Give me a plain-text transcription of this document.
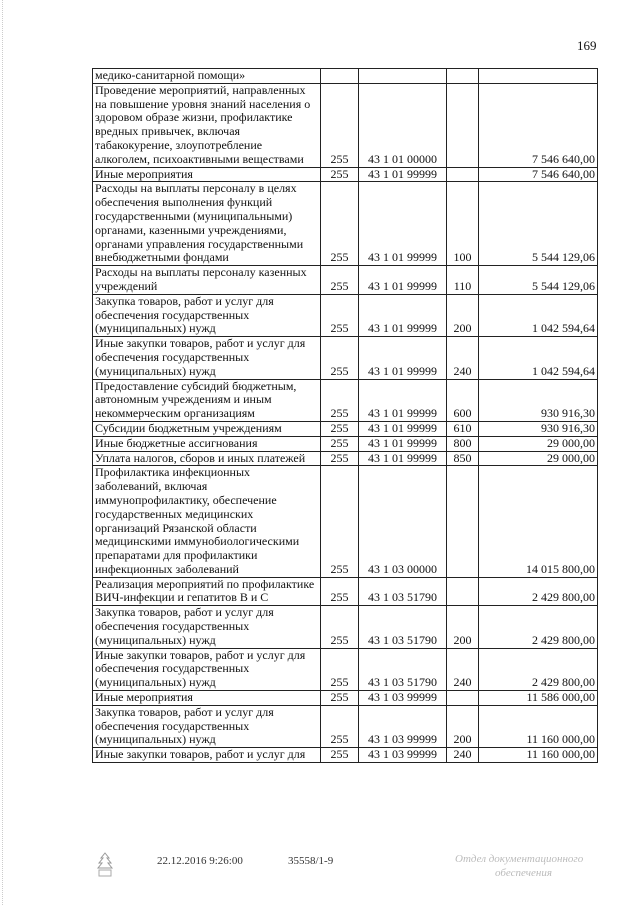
169
медико-санитарной помощи»				
Проведение мероприятий, направленных на повышение уровня знаний населения о здоровом образе жизни, профилактике вредных привычек, включая табакокурение, злоупотребление алкоголем, психоактивными веществами	255	43 1 01 00000		7 546 640,00
Иные мероприятия	255	43 1 01 99999		7 546 640,00
Расходы на выплаты персоналу в целях обеспечения выполнения функций государственными (муниципальными) органами, казенными учреждениями, органами управления государственными внебюджетными фондами	255	43 1 01 99999	100	5 544 129,06
Расходы на выплаты персоналу казенных учреждений	255	43 1 01 99999	110	5 544 129,06
Закупка товаров, работ и услуг для обеспечения государственных (муниципальных) нужд	255	43 1 01 99999	200	1 042 594,64
Иные закупки товаров, работ и услуг для обеспечения государственных (муниципальных) нужд	255	43 1 01 99999	240	1 042 594,64
Предоставление субсидий бюджетным, автономным учреждениям и иным некоммерческим организациям	255	43 1 01 99999	600	930 916,30
Субсидии бюджетным учреждениям	255	43 1 01 99999	610	930 916,30
Иные бюджетные ассигнования	255	43 1 01 99999	800	29 000,00
Уплата налогов, сборов и иных платежей	255	43 1 01 99999	850	29 000,00
Профилактика инфекционных заболеваний, включая иммунопрофилактику, обеспечение государственных медицинских организаций Рязанской области медицинскими иммунобиологическими препаратами для профилактики инфекционных заболеваний	255	43 1 03 00000		14 015 800,00
Реализация мероприятий по профилактике ВИЧ-инфекции и гепатитов B и C	255	43 1 03 51790		2 429 800,00
Закупка товаров, работ и услуг для обеспечения государственных (муниципальных) нужд	255	43 1 03 51790	200	2 429 800,00
Иные закупки товаров, работ и услуг для обеспечения государственных (муниципальных) нужд	255	43 1 03 51790	240	2 429 800,00
Иные мероприятия	255	43 1 03 99999		11 586 000,00
Закупка товаров, работ и услуг для обеспечения государственных (муниципальных) нужд	255	43 1 03 99999	200	11 160 000,00
Иные закупки товаров, работ и услуг для	255	43 1 03 99999	240	11 160 000,00
22.12.2016 9:26:00	35558/1-9	Отдел документационного
обеспечения
